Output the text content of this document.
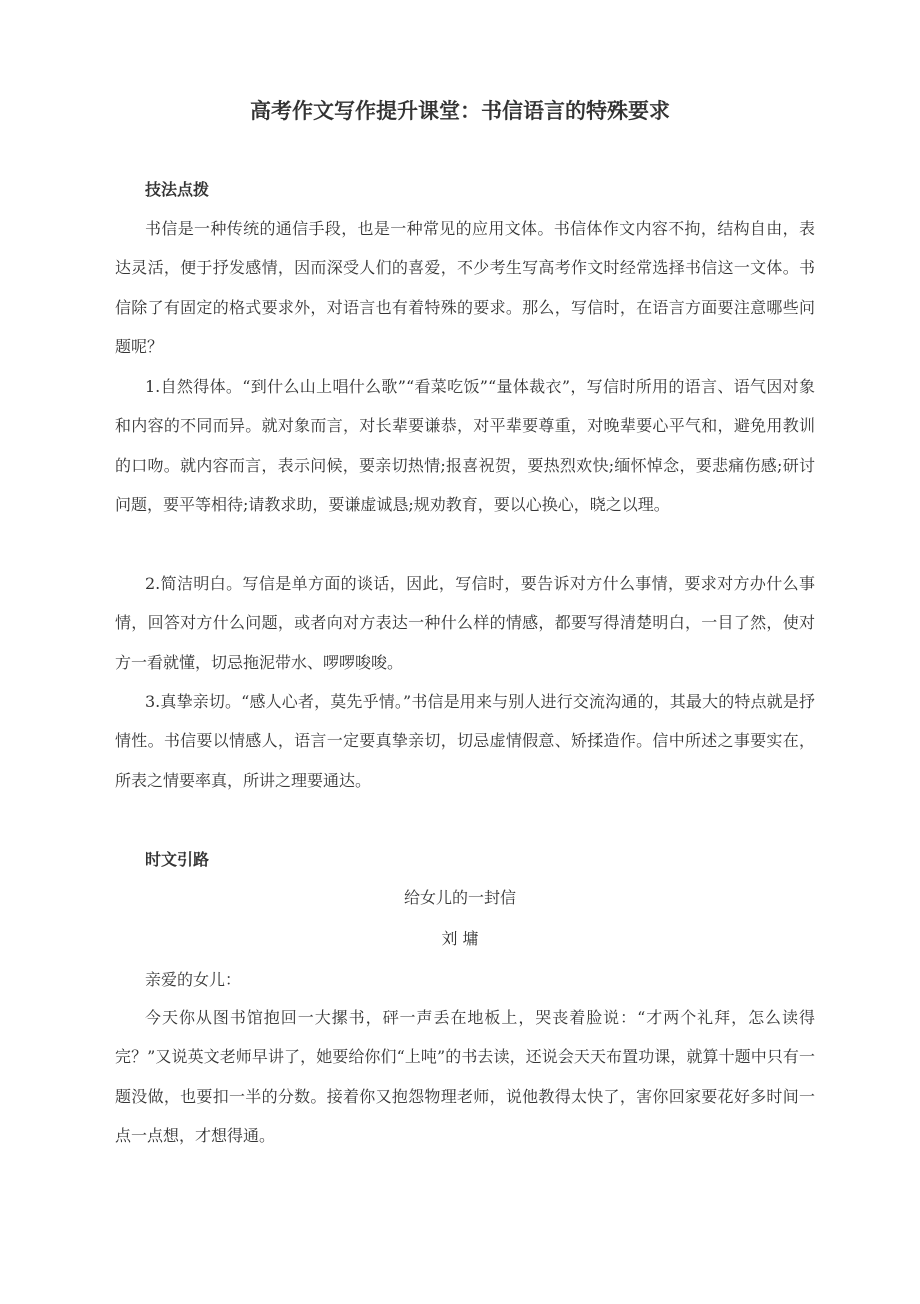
高考作文写作提升课堂：书信语言的特殊要求
技法点拨

书信是一种传统的通信手段，也是一种常见的应用文体。书信体作文内容不拘，结构自由，表达灵活，便于抒发感情，因而深受人们的喜爱，不少考生写高考作文时经常选择书信这一文体。书信除了有固定的格式要求外，对语言也有着特殊的要求。那么，写信时，在语言方面要注意哪些问题呢？

1.自然得体。“到什么山上唱什么歌”“看菜吃饭”“量体裁衣”，写信时所用的语言、语气因对象和内容的不同而异。就对象而言，对长辈要谦恭，对平辈要尊重，对晚辈要心平气和，避免用教训的口吻。就内容而言，表示问候，要亲切热情;报喜祝贺，要热烈欢快;缅怀悼念，要悲痛伤感;研讨问题，要平等相待;请教求助，要谦虚诚恳;规劝教育，要以心换心，晓之以理。

2.简洁明白。写信是单方面的谈话，因此，写信时，要告诉对方什么事情，要求对方办什么事情，回答对方什么问题，或者向对方表达一种什么样的情感，都要写得清楚明白，一目了然，使对方一看就懂，切忌拖泥带水、啰啰唆唆。

3.真挚亲切。“感人心者，莫先乎情。”书信是用来与别人进行交流沟通的，其最大的特点就是抒情性。书信要以情感人，语言一定要真挚亲切，切忌虚情假意、矫揉造作。信中所述之事要实在，所表之情要率真，所讲之理要通达。

时文引路
给女儿的一封信
刘 墉
亲爱的女儿：

今天你从图书馆抱回一大摞书，砰一声丢在地板上，哭丧着脸说：“才两个礼拜，怎么读得完？”又说英文老师早讲了，她要给你们“上吨”的书去读，还说会天天布置功课，就算十题中只有一题没做，也要扣一半的分数。接着你又抱怨物理老师，说他教得太快了，害你回家要花好多时间一点一点想，才想得通。
